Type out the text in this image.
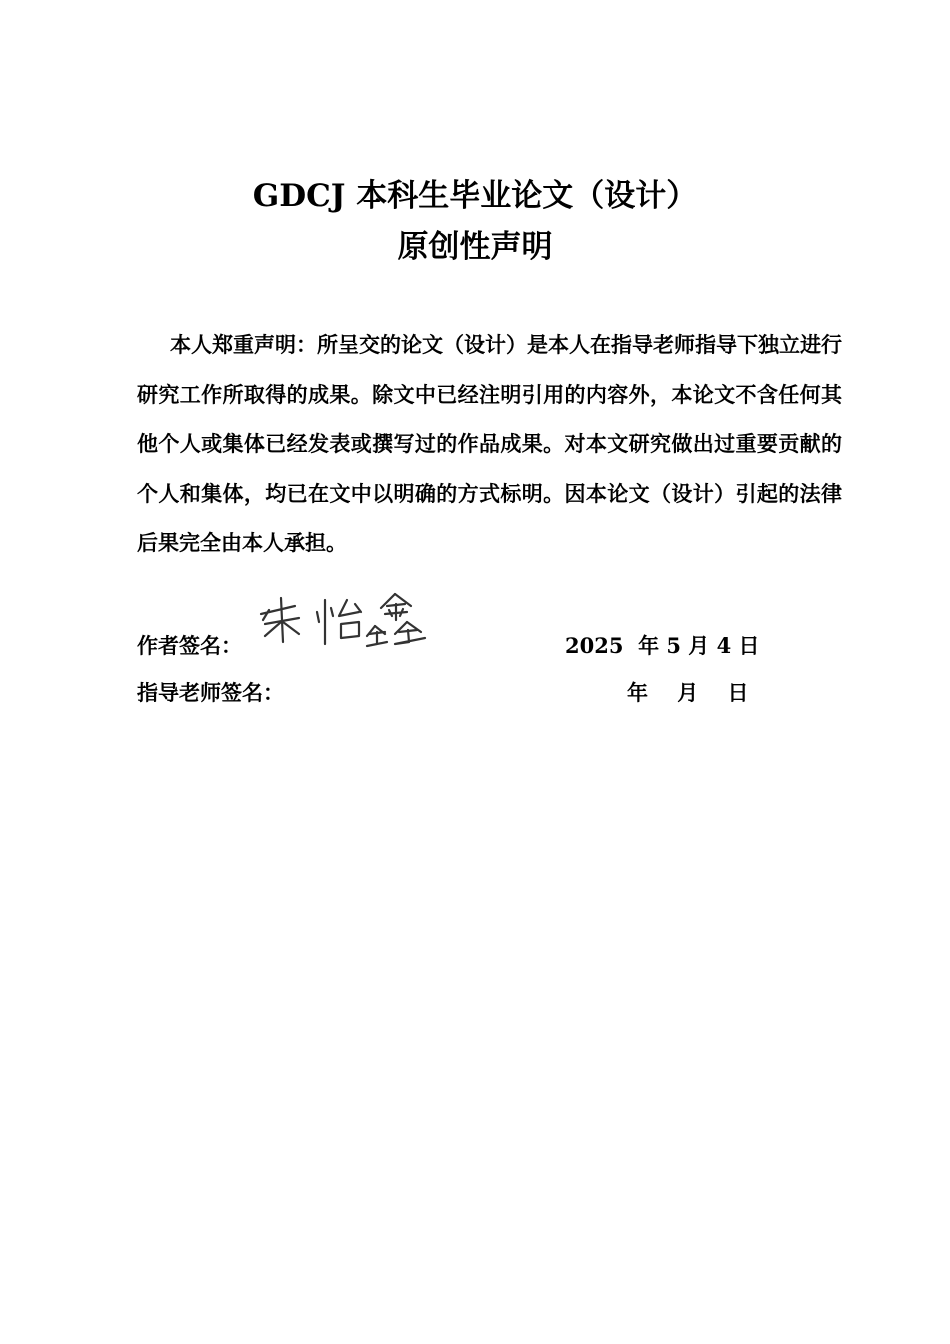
GDCJ 本科生毕业论文（设计）
原创性声明

本人郑重声明：所呈交的论文（设计）是本人在指导老师指导下独立进行研究工作所取得的成果。除文中已经注明引用的内容外，本论文不含任何其他个人或集体已经发表或撰写过的作品成果。对本文研究做出过重要贡献的个人和集体，均已在文中以明确的方式标明。因本论文（设计）引起的法律后果完全由本人承担。

作者签名：	2025  年 5 月 4 日
指导老师签名：	年    月    日
